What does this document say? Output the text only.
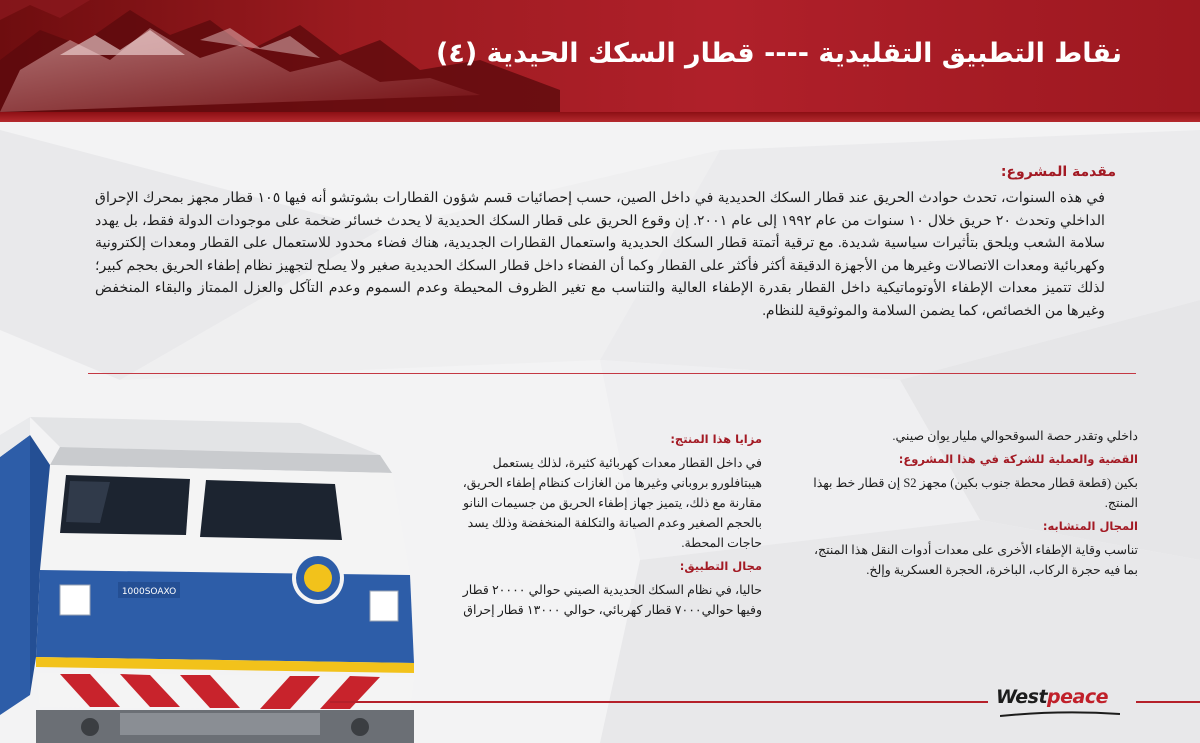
نقاط التطبيق التقليدية ---- قطار السكك الحيدية (٤)
مقدمة المشروع:
في هذه السنوات، تحدث حوادث الحريق عند قطار السكك الحديدية في داخل الصين، حسب إحصائيات قسم شؤون القطارات بشوتشو أنه فيها ١٠٥ قطار مجهز بمحرك الإحراق الداخلي وتحدث ٢٠ حريق خلال ١٠ سنوات من عام ١٩٩٢ إلى عام ٢٠٠١. إن وقوع الحريق على قطار السكك الحديدية لا يحدث خسائر ضخمة على موجودات الدولة فقط، بل يهدد سلامة الشعب ويلحق بتأثيرات سياسية شديدة. مع ترقية أتمتة قطار السكك الحديدية واستعمال القطارات الجديدية، هناك فضاء محدود للاستعمال على القطار ومعدات إلكترونية وكهربائية ومعدات الاتصالات وغيرها من الأجهزة الدقيقة أكثر فأكثر على القطار وكما أن الفضاء داخل قطار السكك الحديدية صغير ولا يصلح لتجهيز نظام إطفاء الحريق بحجم كبير؛ لذلك تتميز معدات الإطفاء الأوتوماتيكية داخل القطار بقدرة الإطفاء العالية والتناسب مع تغير الظروف المحيطة وعدم السموم وعدم التآكل والعزل الممتاز والبقاء المنخفض وغيرها من الخصائص، كما يضمن السلامة والموثوقية للنظام.
داخلي وتقدر حصة السوقحوالي مليار يوان صيني.
القضية والعملية للشركة في هذا المشروع:
بكين (قطعة قطار محطة جنوب بكين) مجهز S2 إن قطار خط بهذا المنتج.
المجال المتشابه:
تناسب وقاية الإطفاء الأخرى على معدات أدوات النقل هذا المنتج، بما فيه حجرة الركاب، الباخرة، الحجرة العسكرية وإلخ.
مزايا هذا المنتج:
في داخل القطار معدات كهربائية كثيرة، لذلك يستعمل هيبتافلورو بروباني وغيرها من الغازات كنظام إطفاء الحريق، مقارنة مع ذلك، يتميز جهاز إطفاء الحريق من جسيمات النانو بالحجم الصغير وعدم الصيانة والتكلفة المنخفضة وذلك يسد حاجات المحطة.
مجال التطبيق:
حاليا، في نظام السكك الحديدية الصيني حوالي ٢٠٠٠٠ قطار وفيها حوالي٧٠٠٠ قطار كهربائي، حوالي ١٣٠٠٠ قطار إحراق
1000SOAXO
Westpeace
